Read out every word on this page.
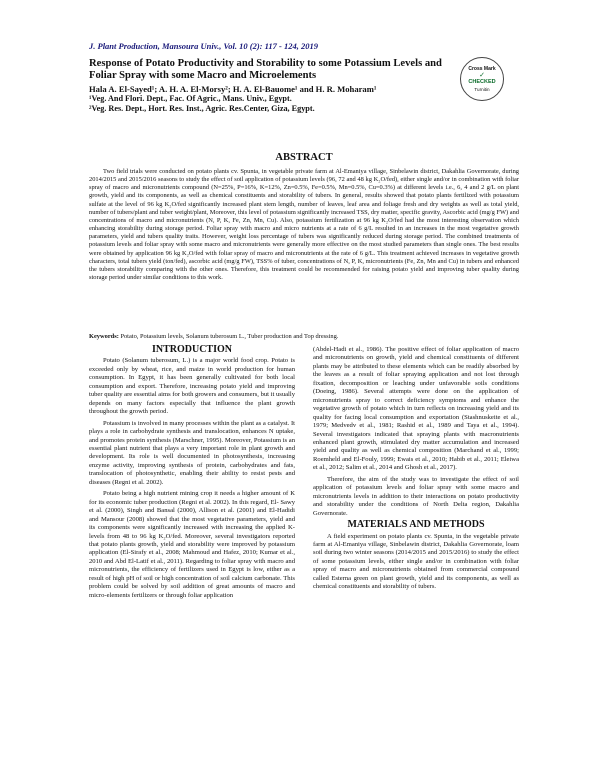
J. Plant Production, Mansoura Univ., Vol. 10 (2): 117 - 124, 2019

Response of Potato Productivity and Storability to some Potassium Levels and Foliar Spray with some Macro and Microelements

Hala A. El-Sayed¹; A. H. A. El-Morsy²; H. A. El-Bauome¹ and H. R. Moharam¹

¹Veg. And Flori. Dept., Fac. Of Agric., Mans. Univ., Egypt.

²Veg. Res. Dept., Hort. Res. Inst., Agric. Res.Center, Giza, Egypt.

Cross Mark
✓
CHECKED
Turnitin
ABSTRACT

Two field trials were conducted on potato plants cv. Spunta, in vegetable private farm at Al-Emaniya village, Sinbelawin district, Dakahlia Governorate, during 2014/2015 and 2015/2016 seasons to study the effect of soil application of potassium levels (96, 72 and 48 kg K₂O/fed), either single and/or in combination with foliar spray of macro and micronutrients compound (N=25%, P=16%, K=12%, Zn=0.5%, Fe=0.5%, Mn=0.5%, Cu=0.3%) at different levels i.e., 6, 4 and 2 g/L on plant growth, yield and its components, as well as chemical constituents and storability of tubers. In general, results showed that potato plants fertilized with potassium sulfate at the level of 96 kg K₂O/fed significantly increased plant stem length, number of leaves, leaf area and foliage fresh and dry weights as well as total yield, number of tubers/plant and tuber weight/plant, Moreover, this level of potassium significantly increased TSS, dry matter, specific gravity, Ascorbic acid (mg/g FW) and concentrations of macro and micronutrients (N, P, K, Fe, Zn, Mn, Cu). Also, potassium fertilization at 96 kg K₂O/fed had the most interesting observation which enhancing storability during storage period. Foliar spray with macro and micro nutrients at a rate of 6 g/L resulted in an increases in the most vegetative growth parameters, yield and tubers quality traits. However, weight loss percentage of tubers was significantly reduced during storage period. The combined treatments of potassium levels and foliar spray with some macro and micronutrients were generally more effective on the most studied parameters than single ones. The best results were obtained by application 96 kg K₂O/fed with foliar spray of macro and micronutrients at the rate of 6 g/L. This treatment achieved increases in vegetative growth characters, total tubers yield (ton/fed), ascorbic acid (mg/g FW), TSS% of tuber, concentrations of N, P, K, micronutrients (Fe, Zn, Mn and Cu) in tubers and enhanced the tubers storability comparing with the other ones. Therefore, this treatment could be recommended for raising potato yield and improving tuber quality during storage period under similar conditions to this work.

Keywords: Potato, Potassium levels, Solanum tuberosum L., Tuber production and Top dressing.

INTRODUCTION

Potato (Solanum tuberosum, L.) is a major world food crop. Potato is exceeded only by wheat, rice, and maize in world production for human consumption. In Egypt, it has been generally cultivated for both local consumption and export. Therefore, increasing potato yield and improving tuber quality are essential aims for both growers and consumers, but it usually depends on many factors especially that influence the plant growth throughout the growth period.

Potassium is involved in many processes within the plant as a catalyst. It plays a role in carbohydrate synthesis and translocation, enhances N uptake, and promotes protein synthesis (Marschner, 1995). Moreover, Potassium is an essential plant nutrient that plays a very important role in plant growth and development. Its role is well documented in photosynthesis, increasing enzyme activity, improving synthesis of protein, carbohydrates and fats, translocation of photosynthetic, enabling their ability to resist pests and diseases (Regni et al. 2002).

Potato being a high nutrient mining crop it needs a higher amount of K for its economic tuber production (Regni et al. 2002). In this regard, El- Sawy et al. (2000), Singh and Bansal (2000), Allison et al. (2001) and El-Hadidi and Mansour (2008) showed that the most vegetative parameters, yield and its components were significantly increased with increasing the applied K-levels from 48 to 96 kg K₂O/fed. Moreover, several investigators reported that potato plants growth, yield and storability were improved by potassium application (El-Sirafy et al., 2008; Mahmoud and Hafez, 2010; Kumar et al., 2010 and Abd El-Latif et al., 2011). Regarding to foliar spray with macro and micronutrients, the efficiency of fertilizers used in Egypt is low, either as a result of high pH of soil or high concentration of soil calcium carbonate. This problem could be solved by soil addition of great amounts of macro and micro-elements fertilizers or through foliar application

(Abdel-Hadi et al., 1986). The positive effect of foliar application of macro and micronutrients on growth, yield and chemical constituents of different plants may be attributed to these elements which can be readily absorbed by the leaves as a result of foliar spraying application and not lost through fixation, decomposition or leaching under unfavorable soils conditions (Doeing, 1986). Several attempts were done on the application of micronutrients spray to correct deficiency symptoms and enhance the vegetative growth of potato which in turn reflects on increasing yield and its quality for facing local consumption and exportation (Stashnuskeite et al., 1979; Medvedv et al., 1981; Rashid et al., 1989 and Taya et al., 1994). Several investigators indicated that spraying plants with macronutrients enhanced plant growth, stimulated dry matter accumulation and increased yield and quality as well as chemical composition (Marchand et al., 1999; Roemheld and El-Fouly, 1999; Ewais et al., 2010; Habib et al., 2011; Eleiwa et al., 2012; Salim et al., 2014 and Ghosh et al., 2017).

Therefore, the aim of the study was to investigate the effect of soil application of potassium levels and foliar spray with some macro and micronutrients levels in addition to their interactions on potato productivity and storability under the conditions of North Delta region, Dakahlia Governorate.

MATERIALS AND METHODS

A field experiment on potato plants cv. Spunta, in the vegetable private farm at Al-Emaniya village, Sinbelawin district, Dakahlia Governorate, loam soil during two winter seasons (2014/2015 and 2015/2016) to study the effect of some potassium levels, either single and/or in combination with foliar spray of macro and micronutrients obtained from commercial compound called Esterna green on plant growth, yield and its components, as well as chemical constituents and storability of tubers.
